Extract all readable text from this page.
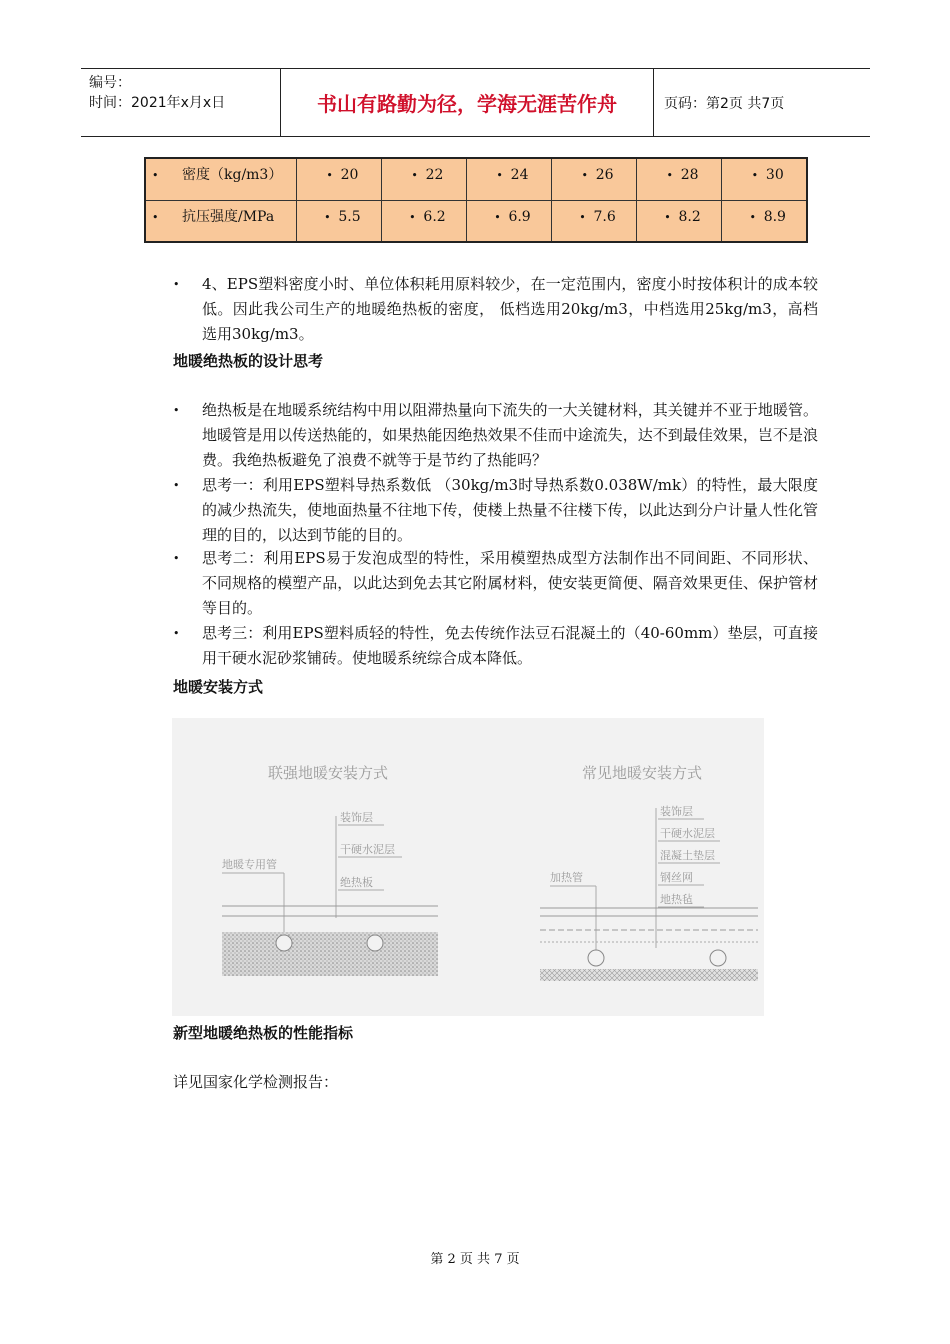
编号：
时间：2021年x月x日	书山有路勤为径，学海无涯苦作舟	页码：第2页 共7页
• 密度（kg/m3）	• 20	• 22	• 24	• 26	• 28	• 30
• 抗压强度/MPa	• 5.5	• 6.2	• 6.9	• 7.6	• 8.2	• 8.9
• 4、EPS塑料密度小时、单位体积耗用原料较少，在一定范围内，密度小时按体积计的成本较低。因此我公司生产的地暖绝热板的密度， 低档选用20kg/m3，中档选用25kg/m3，高档选用30kg/m3。
地暖绝热板的设计思考
• 绝热板是在地暖系统结构中用以阻滞热量向下流失的一大关键材料，其关键并不亚于地暖管。地暖管是用以传送热能的，如果热能因绝热效果不佳而中途流失，达不到最佳效果，岂不是浪费。我绝热板避免了浪费不就等于是节约了热能吗？
• 思考一：利用EPS塑料导热系数低 （30kg/m3时导热系数0.038W/mk）的特性，最大限度的减少热流失，使地面热量不往地下传，使楼上热量不往楼下传，以此达到分户计量人性化管理的目的，以达到节能的目的。
• 思考二：利用EPS易于发泡成型的特性，采用模塑热成型方法制作出不同间距、不同形状、不同规格的模塑产品，以此达到免去其它附属材料，使安装更简便、隔音效果更佳、保护管材等目的。
• 思考三：利用EPS塑料质轻的特性，免去传统作法豆石混凝土的（40-60mm）垫层，可直接用干硬水泥砂浆铺砖。使地暖系统综合成本降低。
地暖安装方式
联强地暖安装方式
装饰层
干硬水泥层
绝热板
地暖专用管
常见地暖安装方式
装饰层
干硬水泥层
混凝土垫层
钢丝网
地热毡
加热管
新型地暖绝热板的性能指标
详见国家化学检测报告：
第 2 页 共 7 页
